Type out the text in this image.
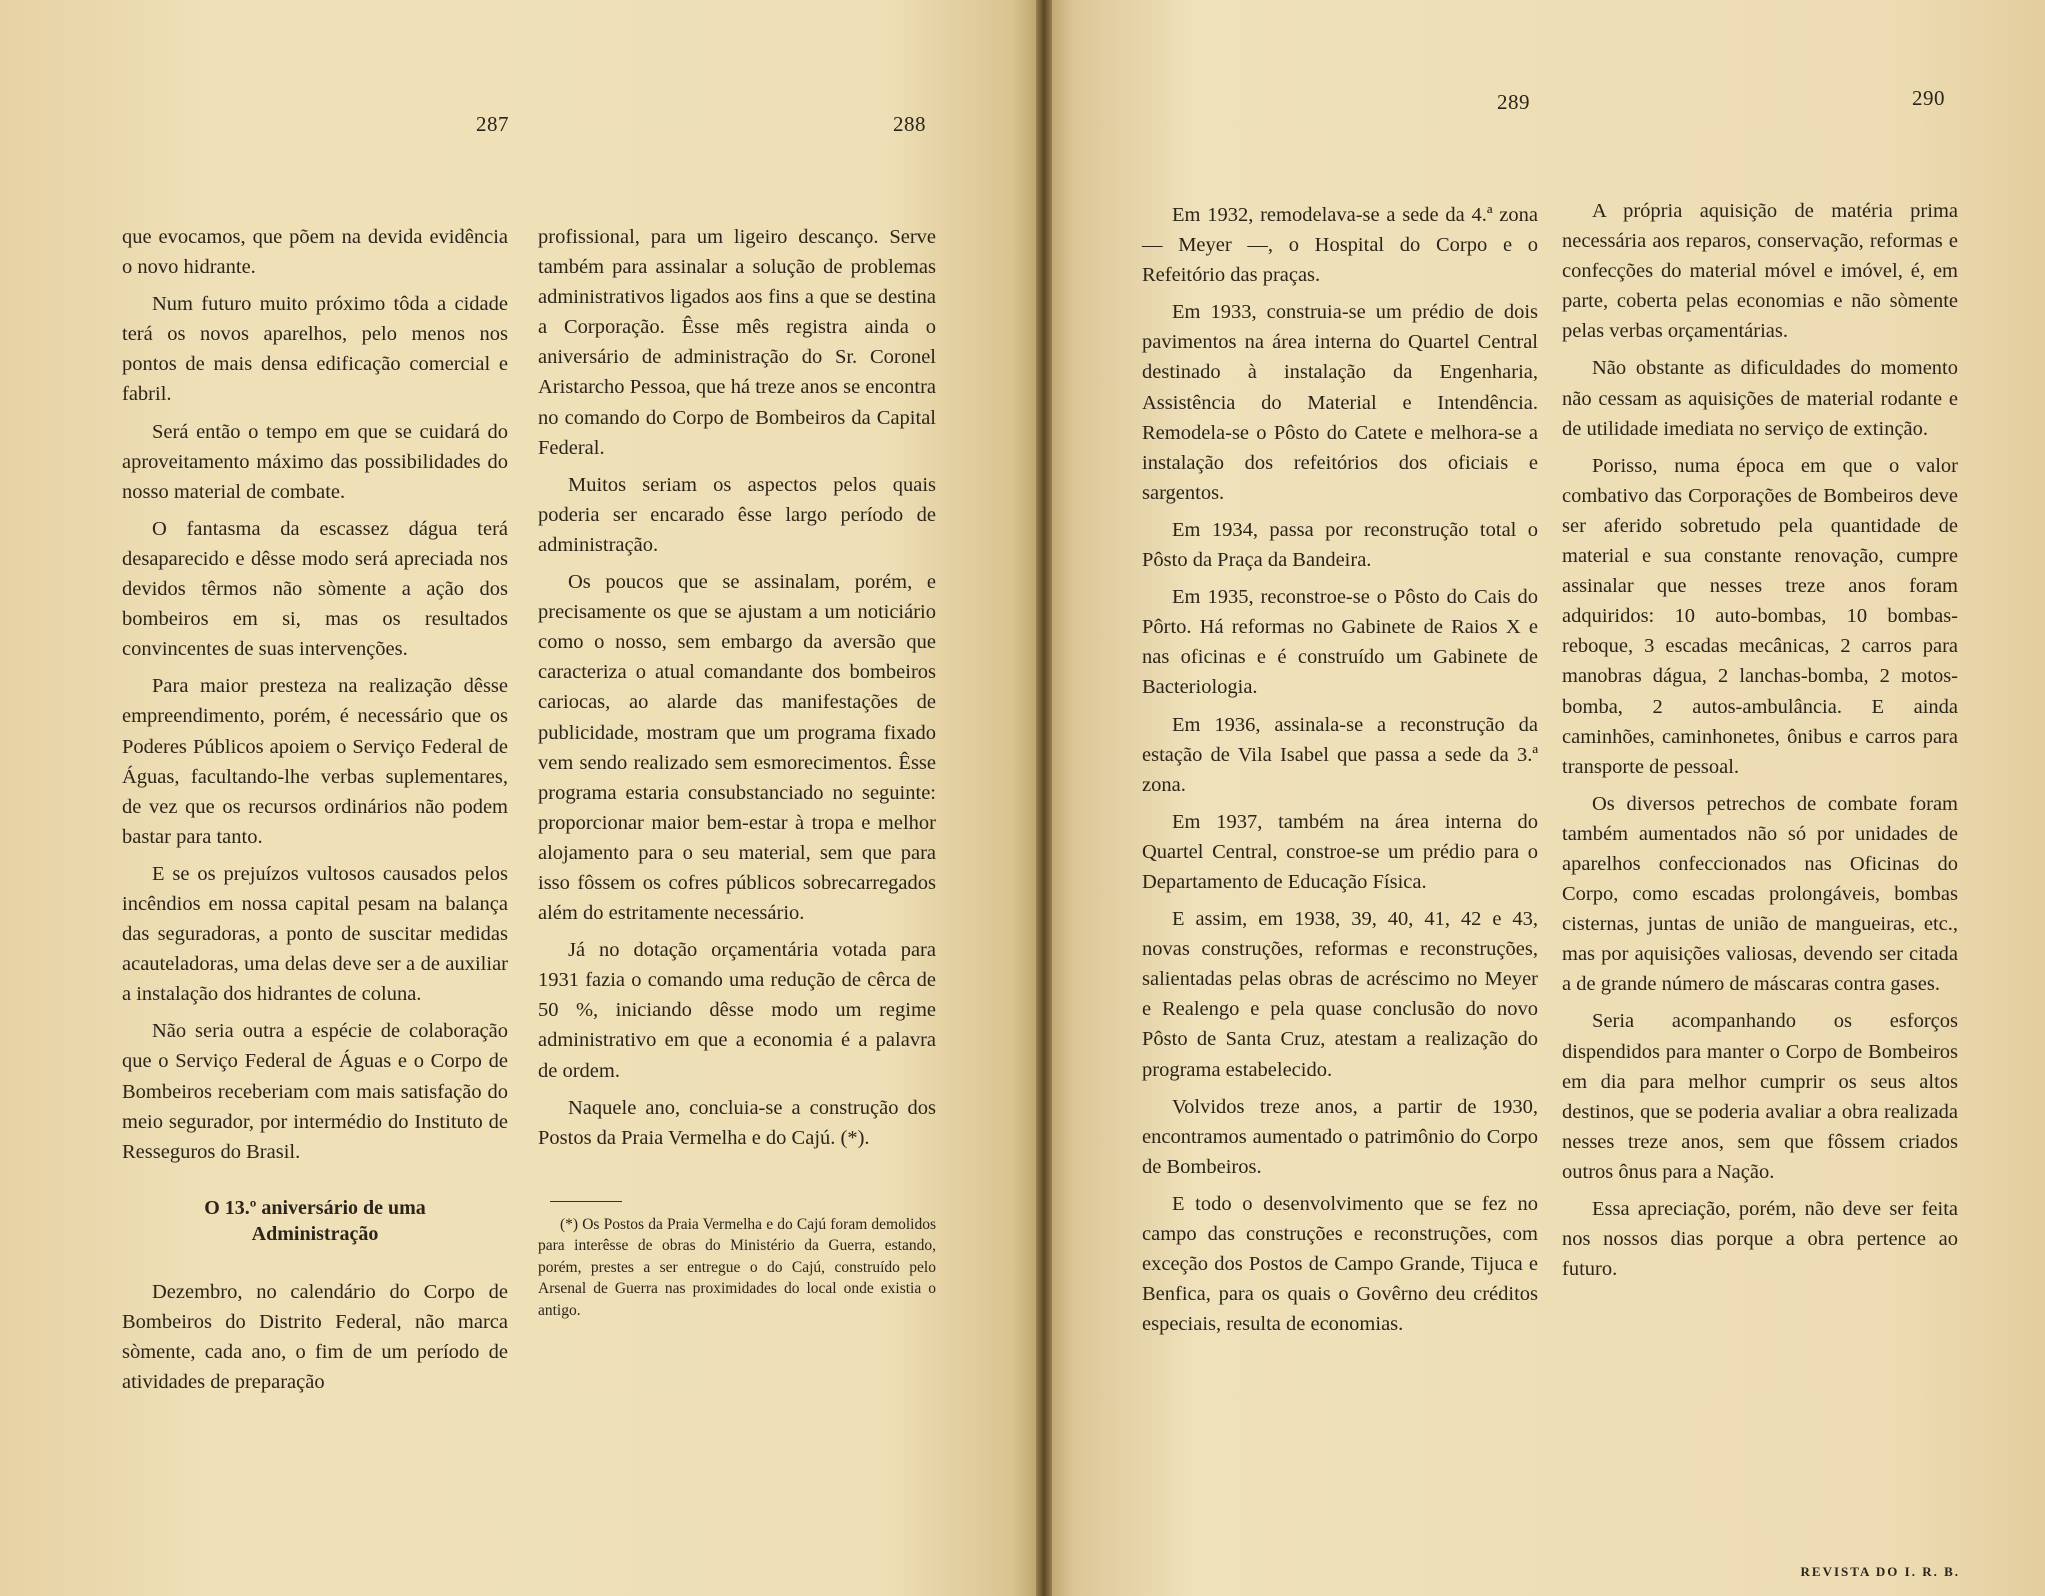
287	288
289	290

que evocamos, que põem na devida evidência o novo hidrante.

Num futuro muito próximo tôda a cidade terá os novos aparelhos, pelo menos nos pontos de mais densa edificação comercial e fabril.

Será então o tempo em que se cuidará do aproveitamento máximo das possibilidades do nosso material de combate.

O fantasma da escassez dágua terá desaparecido e dêsse modo será apreciada nos devidos têrmos não sòmente a ação dos bombeiros em si, mas os resultados convincentes de suas intervenções.

Para maior presteza na realização dêsse empreendimento, porém, é necessário que os Poderes Públicos apoiem o Serviço Federal de Águas, facultando-lhe verbas suplementares, de vez que os recursos ordinários não podem bastar para tanto.

E se os prejuízos vultosos causados pelos incêndios em nossa capital pesam na balança das seguradoras, a ponto de suscitar medidas acauteladoras, uma delas deve ser a de auxiliar a instalação dos hidrantes de coluna.

Não seria outra a espécie de colaboração que o Serviço Federal de Águas e o Corpo de Bombeiros receberiam com mais satisfação do meio segurador, por intermédio do Instituto de Resseguros do Brasil.

O 13.º aniversário de uma
Administração

Dezembro, no calendário do Corpo de Bombeiros do Distrito Federal, não marca sòmente, cada ano, o fim de um período de atividades de preparação

profissional, para um ligeiro descanço. Serve também para assinalar a solução de problemas administrativos ligados aos fins a que se destina a Corporação. Êsse mês registra ainda o aniversário de administração do Sr. Coronel Aristarcho Pessoa, que há treze anos se encontra no comando do Corpo de Bombeiros da Capital Federal.

Muitos seriam os aspectos pelos quais poderia ser encarado êsse largo período de administração.

Os poucos que se assinalam, porém, e precisamente os que se ajustam a um noticiário como o nosso, sem embargo da aversão que caracteriza o atual comandante dos bombeiros cariocas, ao alarde das manifestações de publicidade, mostram que um programa fixado vem sendo realizado sem esmorecimentos. Êsse programa estaria consubstanciado no seguinte: proporcionar maior bem-estar à tropa e melhor alojamento para o seu material, sem que para isso fôssem os cofres públicos sobrecarregados além do estritamente necessário.

Já no dotação orçamentária votada para 1931 fazia o comando uma redução de cêrca de 50 %, iniciando dêsse modo um regime administrativo em que a economia é a palavra de ordem.

Naquele ano, concluia-se a construção dos Postos da Praia Vermelha e do Cajú. (*).

(*) Os Postos da Praia Vermelha e do Cajú foram demolidos para interêsse de obras do Ministério da Guerra, estando, porém, prestes a ser entregue o do Cajú, construído pelo Arsenal de Guerra nas proximidades do local onde existia o antigo.

Em 1932, remodelava-se a sede da 4.ª zona — Meyer —, o Hospital do Corpo e o Refeitório das praças.

Em 1933, construia-se um prédio de dois pavimentos na área interna do Quartel Central destinado à instalação da Engenharia, Assistência do Material e Intendência. Remodela-se o Pôsto do Catete e melhora-se a instalação dos refeitórios dos oficiais e sargentos.

Em 1934, passa por reconstrução total o Pôsto da Praça da Bandeira.

Em 1935, reconstroe-se o Pôsto do Cais do Pôrto. Há reformas no Gabinete de Raios X e nas oficinas e é construído um Gabinete de Bacteriologia.

Em 1936, assinala-se a reconstrução da estação de Vila Isabel que passa a sede da 3.ª zona.

Em 1937, também na área interna do Quartel Central, constroe-se um prédio para o Departamento de Educação Física.

E assim, em 1938, 39, 40, 41, 42 e 43, novas construções, reformas e reconstruções, salientadas pelas obras de acréscimo no Meyer e Realengo e pela quase conclusão do novo Pôsto de Santa Cruz, atestam a realização do programa estabelecido.

Volvidos treze anos, a partir de 1930, encontramos aumentado o patrimônio do Corpo de Bombeiros.

E todo o desenvolvimento que se fez no campo das construções e reconstruções, com exceção dos Postos de Campo Grande, Tijuca e Benfica, para os quais o Govêrno deu créditos especiais, resulta de economias.

A própria aquisição de matéria prima necessária aos reparos, conservação, reformas e confecções do material móvel e imóvel, é, em parte, coberta pelas economias e não sòmente pelas verbas orçamentárias.

Não obstante as dificuldades do momento não cessam as aquisições de material rodante e de utilidade imediata no serviço de extinção.

Porisso, numa época em que o valor combativo das Corporações de Bombeiros deve ser aferido sobretudo pela quantidade de material e sua constante renovação, cumpre assinalar que nesses treze anos foram adquiridos: 10 auto-bombas, 10 bombas-reboque, 3 escadas mecânicas, 2 carros para manobras dágua, 2 lanchas-bomba, 2 motos-bomba, 2 autos-ambulância. E ainda caminhões, caminhonetes, ônibus e carros para transporte de pessoal.

Os diversos petrechos de combate foram também aumentados não só por unidades de aparelhos confeccionados nas Oficinas do Corpo, como escadas prolongáveis, bombas cisternas, juntas de união de mangueiras, etc., mas por aquisições valiosas, devendo ser citada a de grande número de máscaras contra gases.

Seria acompanhando os esforços dispendidos para manter o Corpo de Bombeiros em dia para melhor cumprir os seus altos destinos, que se poderia avaliar a obra realizada nesses treze anos, sem que fôssem criados outros ônus para a Nação.

Essa apreciação, porém, não deve ser feita nos nossos dias porque a obra pertence ao futuro.

REVISTA DO I. R. B.
